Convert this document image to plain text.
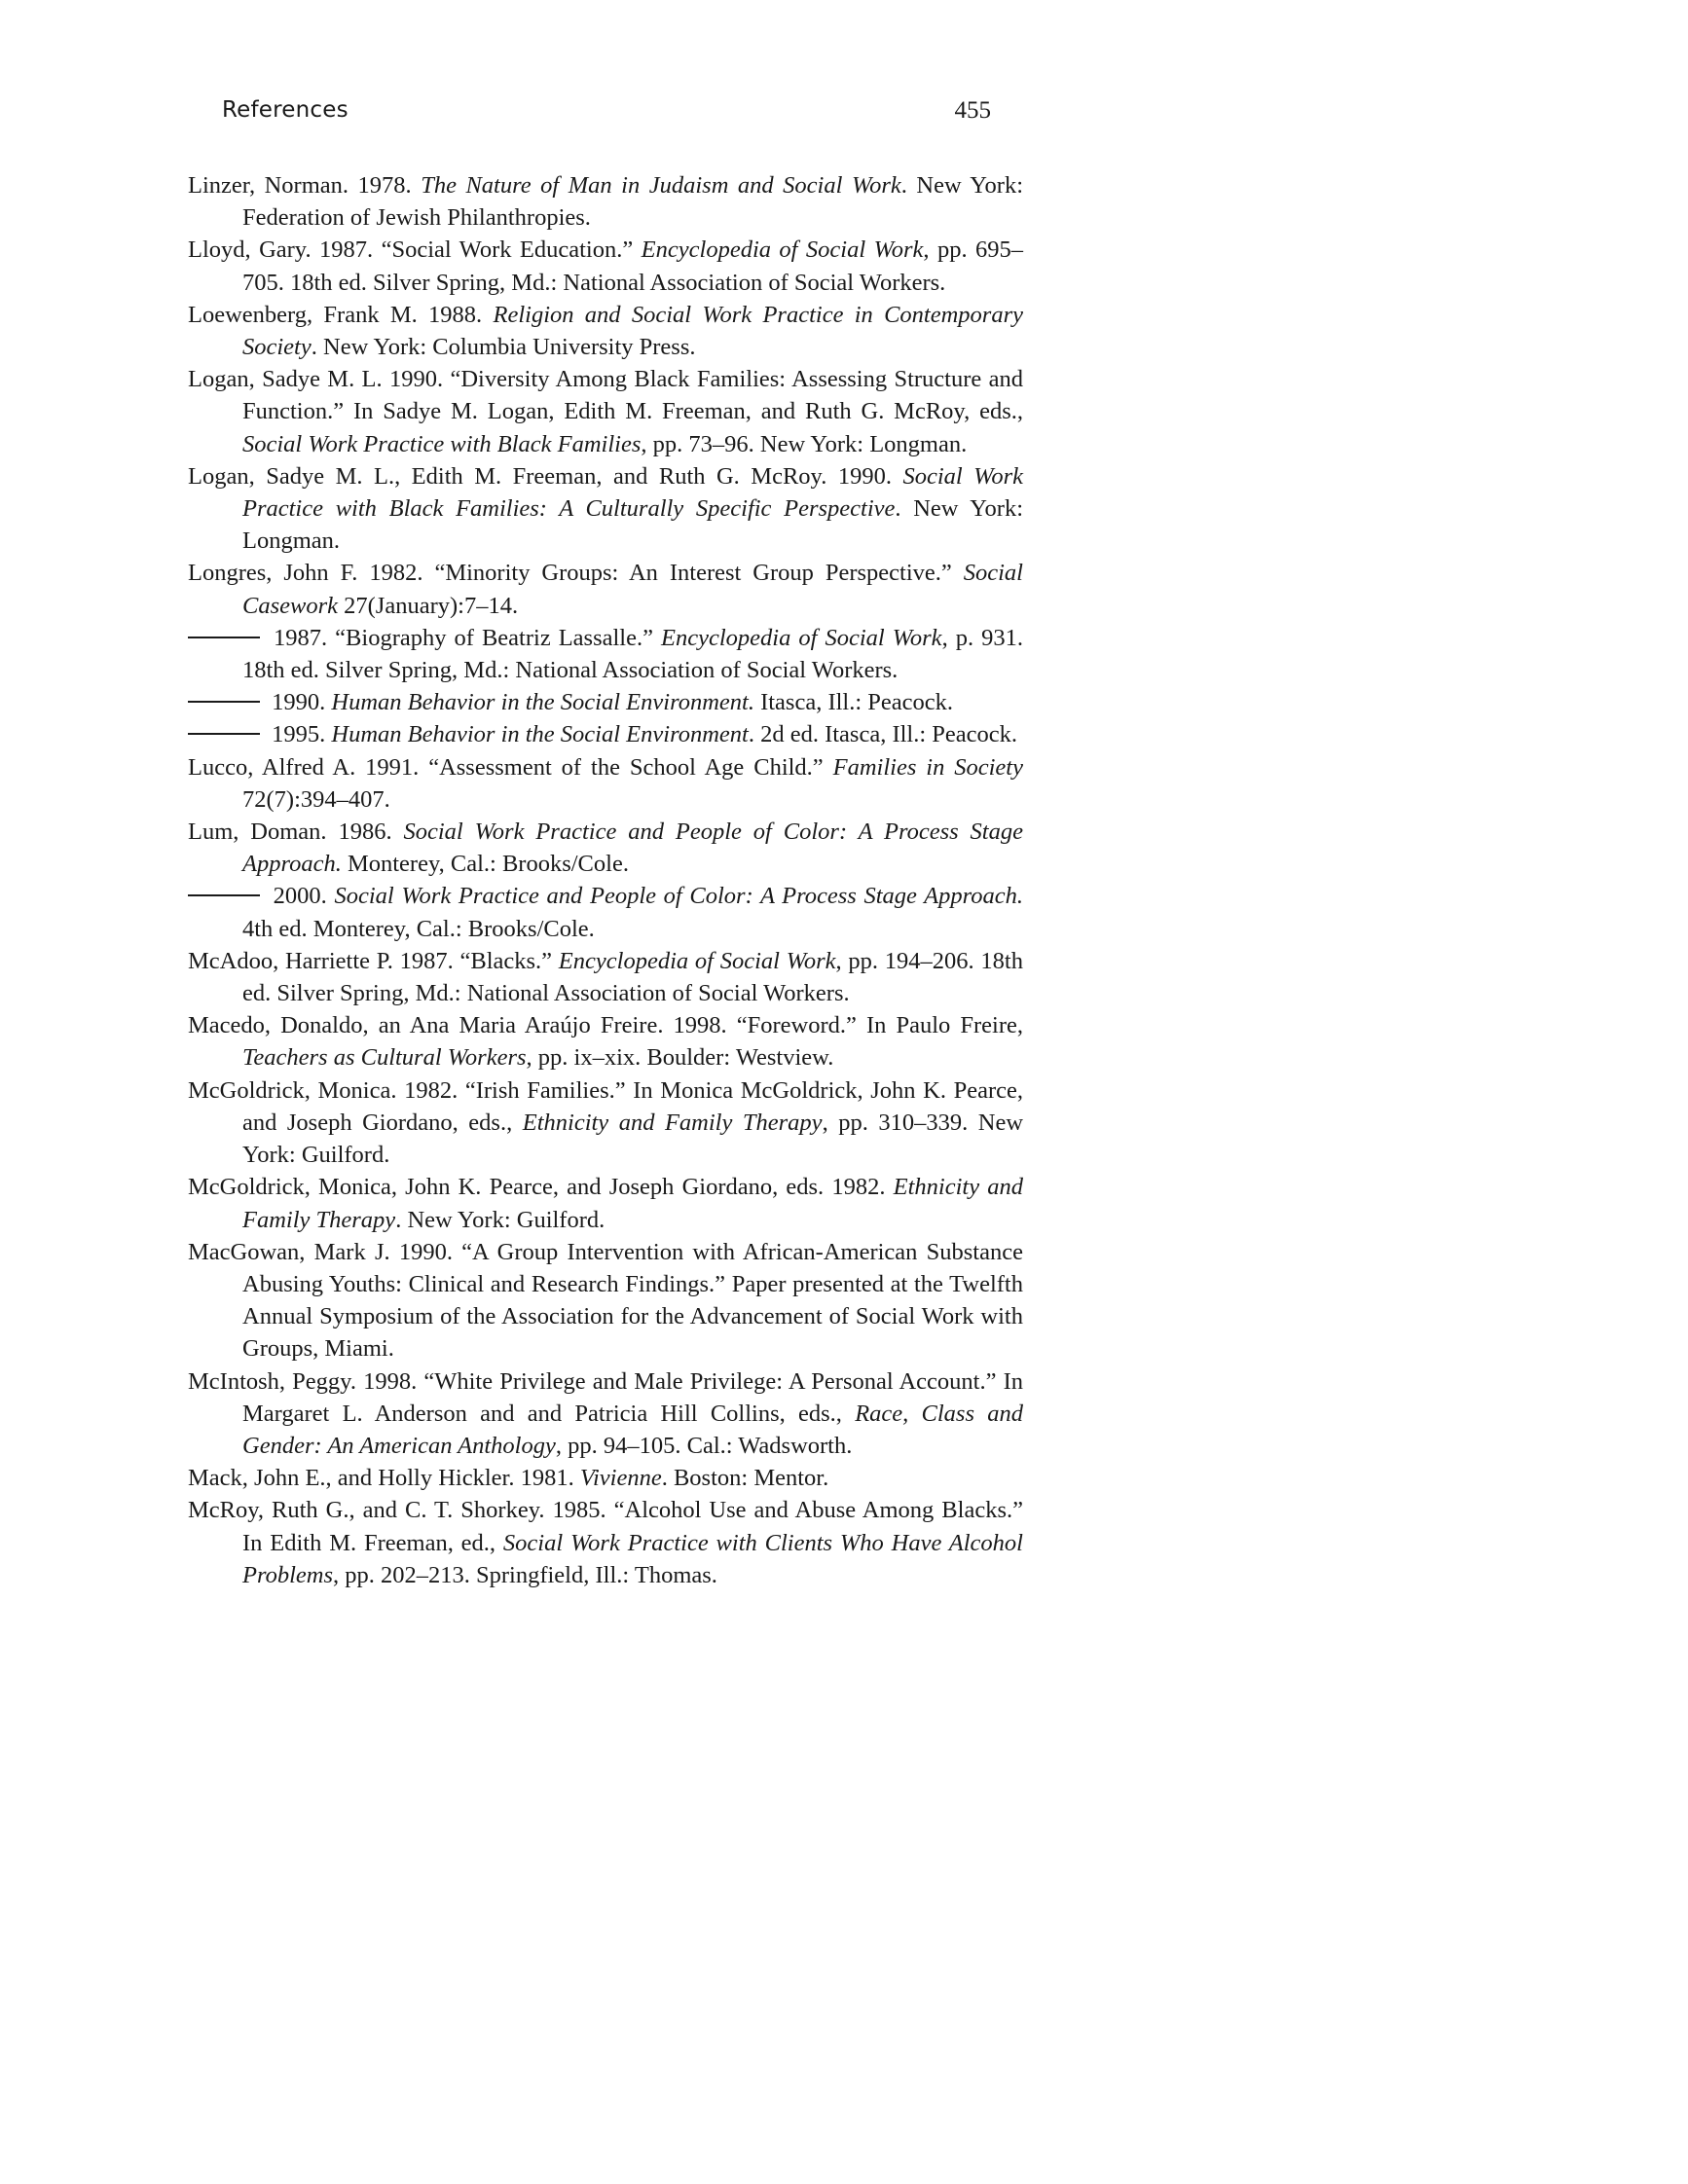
References	455

Linzer, Norman. 1978. The Nature of Man in Judaism and Social Work. New York: Federation of Jewish Philanthropies.

Lloyd, Gary. 1987. “Social Work Education.” Encyclopedia of Social Work, pp. 695–705. 18th ed. Silver Spring, Md.: National Association of Social Workers.

Loewenberg, Frank M. 1988. Religion and Social Work Practice in Contemporary Society. New York: Columbia University Press.

Logan, Sadye M. L. 1990. “Diversity Among Black Families: Assessing Structure and Function.” In Sadye M. Logan, Edith M. Freeman, and Ruth G. McRoy, eds., Social Work Practice with Black Families, pp. 73–96. New York: Longman.

Logan, Sadye M. L., Edith M. Freeman, and Ruth G. McRoy. 1990. Social Work Practice with Black Families: A Culturally Specific Perspective. New York: Longman.

Longres, John F. 1982. “Minority Groups: An Interest Group Perspective.” Social Casework 27(January):7–14.

1987. “Biography of Beatriz Lassalle.” Encyclopedia of Social Work, p. 931. 18th ed. Silver Spring, Md.: National Association of Social Workers.

1990. Human Behavior in the Social Environment. Itasca, Ill.: Peacock.

1995. Human Behavior in the Social Environment. 2d ed. Itasca, Ill.: Peacock.

Lucco, Alfred A. 1991. “Assessment of the School Age Child.” Families in Society 72(7):394–407.

Lum, Doman. 1986. Social Work Practice and People of Color: A Process Stage Approach. Monterey, Cal.: Brooks/Cole.

2000. Social Work Practice and People of Color: A Process Stage Approach. 4th ed. Monterey, Cal.: Brooks/Cole.

McAdoo, Harriette P. 1987. “Blacks.” Encyclopedia of Social Work, pp. 194–206. 18th ed. Silver Spring, Md.: National Association of Social Workers.

Macedo, Donaldo, an Ana Maria Araújo Freire. 1998. “Foreword.” In Paulo Freire, Teachers as Cultural Workers, pp. ix–xix. Boulder: Westview.

McGoldrick, Monica. 1982. “Irish Families.” In Monica McGoldrick, John K. Pearce, and Joseph Giordano, eds., Ethnicity and Family Therapy, pp. 310–339. New York: Guilford.

McGoldrick, Monica, John K. Pearce, and Joseph Giordano, eds. 1982. Ethnicity and Family Therapy. New York: Guilford.

MacGowan, Mark J. 1990. “A Group Intervention with African-American Substance Abusing Youths: Clinical and Research Findings.” Paper presented at the Twelfth Annual Symposium of the Association for the Advancement of Social Work with Groups, Miami.

McIntosh, Peggy. 1998. “White Privilege and Male Privilege: A Personal Account.” In Margaret L. Anderson and and Patricia Hill Collins, eds., Race, Class and Gender: An American Anthology, pp. 94–105. Cal.: Wadsworth.

Mack, John E., and Holly Hickler. 1981. Vivienne. Boston: Mentor.

McRoy, Ruth G., and C. T. Shorkey. 1985. “Alcohol Use and Abuse Among Blacks.” In Edith M. Freeman, ed., Social Work Practice with Clients Who Have Alcohol Problems, pp. 202–213. Springfield, Ill.: Thomas.
